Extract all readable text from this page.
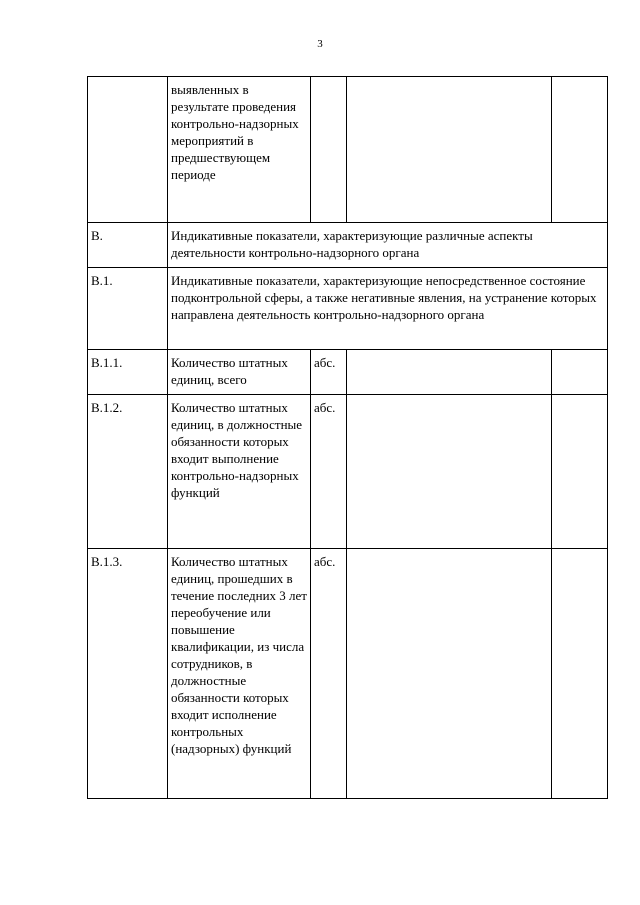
3
	выявленных в результате проведения контрольно-надзорных мероприятий в предшествующем периоде			
В.	Индикативные показатели, характеризующие различные аспекты деятельности контрольно-надзорного органа			
В.1.	Индикативные показатели, характеризующие непосредственное состояние подконтрольной сферы, а также негативные явления, на устранение которых направлена деятельность контрольно-надзорного органа			
В.1.1.	Количество штатных единиц, всего	абс.		
В.1.2.	Количество штатных единиц, в должностные обязанности которых входит выполнение контрольно-надзорных функций	абс.		
В.1.3.	Количество штатных единиц, прошедших в течение последних 3 лет переобучение или повышение квалификации, из числа сотрудников, в должностные обязанности которых входит исполнение контрольных (надзорных) функций	абс.		
